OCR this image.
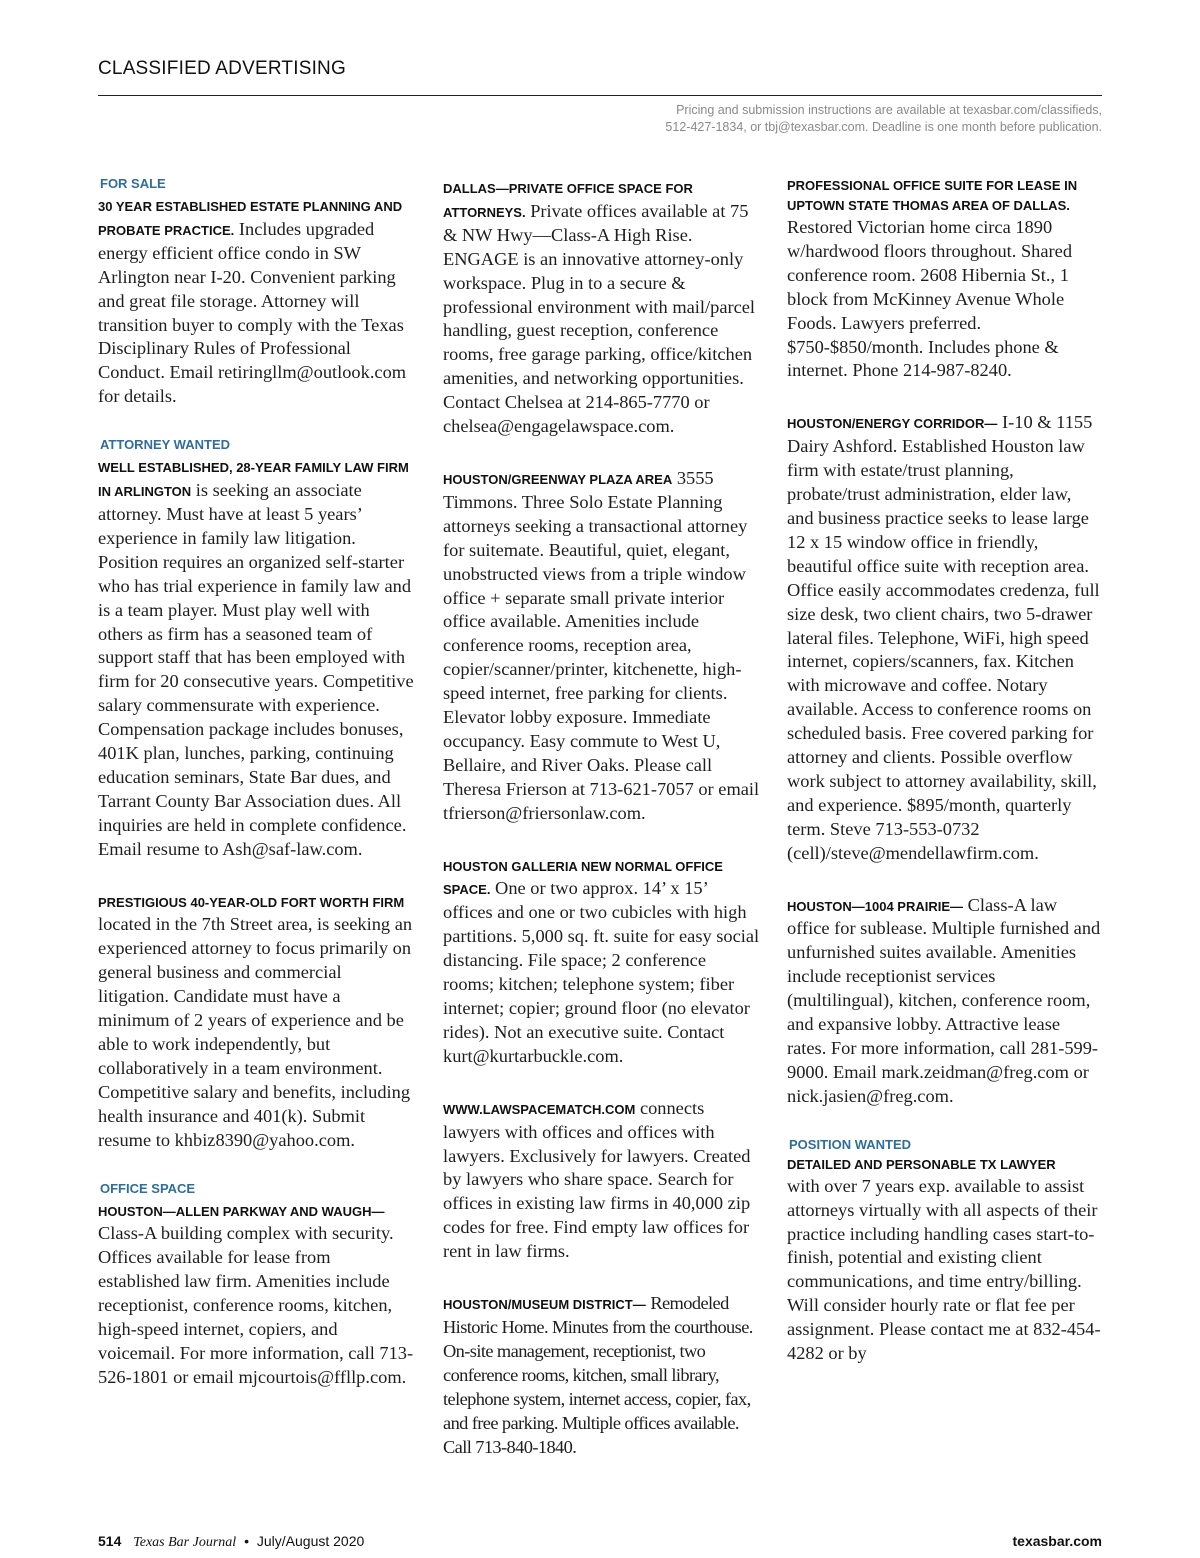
CLASSIFIED ADVERTISING
Pricing and submission instructions are available at texasbar.com/classifieds,
512-427-1834, or tbj@texasbar.com. Deadline is one month before publication.
FOR SALE
30 YEAR ESTABLISHED ESTATE PLANNING AND PROBATE PRACTICE. Includes upgraded energy efficient office condo in SW Arlington near I-20. Convenient parking and great file storage. Attorney will transition buyer to comply with the Texas Disciplinary Rules of Professional Conduct. Email retiringllm@outlook.com for details.
ATTORNEY WANTED
WELL ESTABLISHED, 28-YEAR FAMILY LAW FIRM IN ARLINGTON is seeking an associate attorney. Must have at least 5 years’ experience in family law litigation. Position requires an organized self-starter who has trial experience in family law and is a team player. Must play well with others as firm has a seasoned team of support staff that has been employed with firm for 20 consecutive years. Competitive salary commensurate with experience. Compensation package includes bonuses, 401K plan, lunches, parking, continuing education seminars, State Bar dues, and Tarrant County Bar Association dues. All inquiries are held in complete confidence. Email resume to Ash@saf-law.com.
PRESTIGIOUS 40-YEAR-OLD FORT WORTH FIRM located in the 7th Street area, is seeking an experienced attorney to focus primarily on general business and commercial litigation. Candidate must have a minimum of 2 years of experience and be able to work independently, but collaboratively in a team environment. Competitive salary and benefits, including health insurance and 401(k). Submit resume to khbiz8390@yahoo.com.
OFFICE SPACE
HOUSTON—ALLEN PARKWAY AND WAUGH— Class-A building complex with security. Offices available for lease from established law firm. Amenities include receptionist, conference rooms, kitchen, high-speed internet, copiers, and voicemail. For more information, call 713-526-1801 or email mjcourtois@ffllp.com.
DALLAS—PRIVATE OFFICE SPACE FOR ATTORNEYS. Private offices available at 75 & NW Hwy—Class-A High Rise. ENGAGE is an innovative attorney-only workspace. Plug in to a secure & professional environment with mail/parcel handling, guest reception, conference rooms, free garage parking, office/kitchen amenities, and networking opportunities. Contact Chelsea at 214-865-7770 or chelsea@engagelawspace.com.
HOUSTON/GREENWAY PLAZA AREA 3555 Timmons. Three Solo Estate Planning attorneys seeking a transactional attorney for suitemate. Beautiful, quiet, elegant, unobstructed views from a triple window office + separate small private interior office available. Amenities include conference rooms, reception area, copier/scanner/printer, kitchenette, high-speed internet, free parking for clients. Elevator lobby exposure. Immediate occupancy. Easy commute to West U, Bellaire, and River Oaks. Please call Theresa Frierson at 713-621-7057 or email tfrierson@friersonlaw.com.
HOUSTON GALLERIA NEW NORMAL OFFICE SPACE. One or two approx. 14’ x 15’ offices and one or two cubicles with high partitions. 5,000 sq. ft. suite for easy social distancing. File space; 2 conference rooms; kitchen; telephone system; fiber internet; copier; ground floor (no elevator rides). Not an executive suite. Contact kurt@kurtarbuckle.com.
WWW.LAWSPACEMATCH.COM connects lawyers with offices and offices with lawyers. Exclusively for lawyers. Created by lawyers who share space. Search for offices in existing law firms in 40,000 zip codes for free. Find empty law offices for rent in law firms.
HOUSTON/MUSEUM DISTRICT— Remodeled Historic Home. Minutes from the courthouse. On-site management, receptionist, two conference rooms, kitchen, small library, telephone system, internet access, copier, fax, and free parking. Multiple offices available. Call 713-840-1840.
PROFESSIONAL OFFICE SUITE FOR LEASE IN UPTOWN STATE THOMAS AREA OF DALLAS.
Restored Victorian home circa 1890 w/hardwood floors throughout. Shared conference room. 2608 Hibernia St., 1 block from McKinney Avenue Whole Foods. Lawyers preferred. $750-$850/month. Includes phone & internet. Phone 214-987-8240.
HOUSTON/ENERGY CORRIDOR— I-10 & 1155 Dairy Ashford. Established Houston law firm with estate/trust planning, probate/trust administration, elder law, and business practice seeks to lease large 12 x 15 window office in friendly, beautiful office suite with reception area. Office easily accommodates credenza, full size desk, two client chairs, two 5-drawer lateral files. Telephone, WiFi, high speed internet, copiers/scanners, fax. Kitchen with microwave and coffee. Notary available. Access to conference rooms on scheduled basis. Free covered parking for attorney and clients. Possible overflow work subject to attorney availability, skill, and experience. $895/month, quarterly term. Steve 713-553-0732 (cell)/steve@mendellawfirm.com.
HOUSTON—1004 PRAIRIE— Class-A law office for sublease. Multiple furnished and unfurnished suites available. Amenities include receptionist services (multilingual), kitchen, conference room, and expansive lobby. Attractive lease rates. For more information, call 281-599-9000. Email mark.zeidman@freg.com or nick.jasien@freg.com.
POSITION WANTED
DETAILED AND PERSONABLE TX LAWYER
with over 7 years exp. available to assist attorneys virtually with all aspects of their practice including handling cases start-to-finish, potential and existing client communications, and time entry/billing. Will consider hourly rate or flat fee per assignment. Please contact me at 832-454-4282 or by
514 Texas Bar Journal • July/August 2020	texasbar.com
